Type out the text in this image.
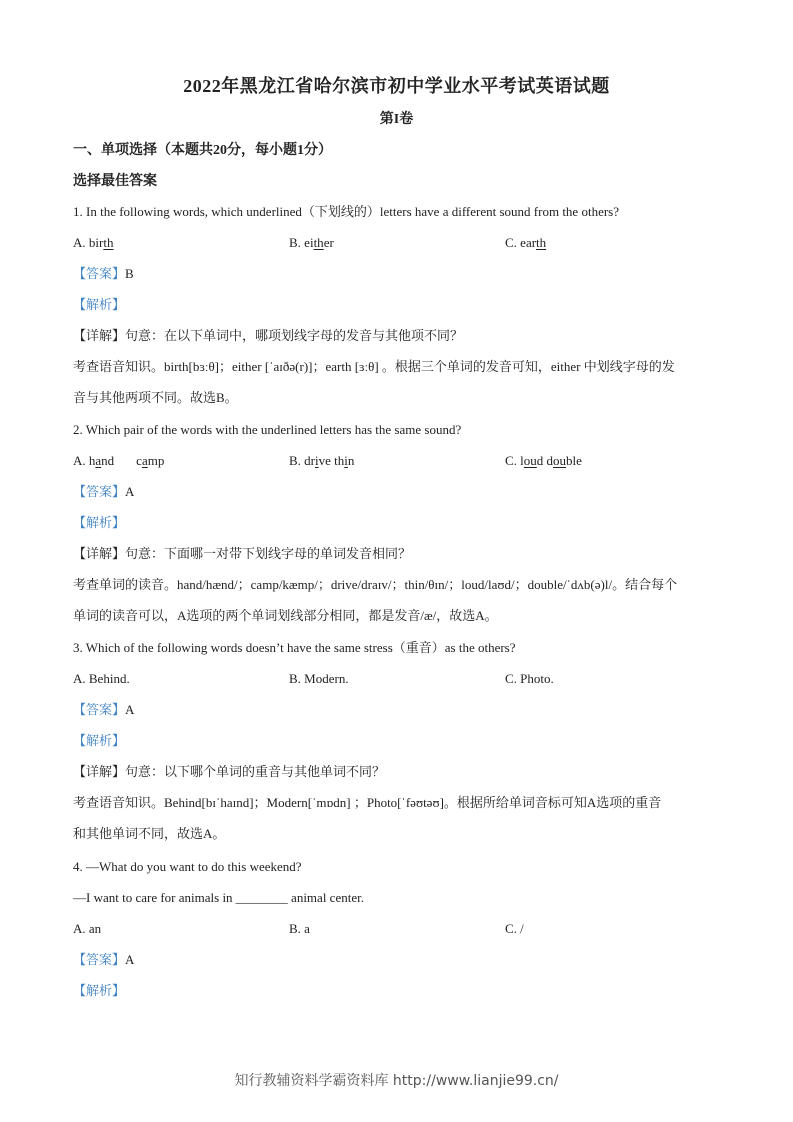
2022年黑龙江省哈尔滨市初中学业水平考试英语试题
第I卷
一、单项选择（本题共20分，每小题1分）
选择最佳答案
1. In the following words, which underlined（下划线的）letters have a different sound from the others?
A. birth	B. either	C. earth
【答案】B
【解析】
【详解】句意：在以下单词中，哪项划线字母的发音与其他项不同？
考查语音知识。birth[bɜːθ]；either [ˈaɪðə(r)]；earth [ɜːθ] 。根据三个单词的发音可知，either 中划线字母的发
音与其他两项不同。故选B。
2. Which pair of the words with the underlined letters has the same sound?
A. hand camp	B. drive thin	C. loud double
【答案】A
【解析】
【详解】句意：下面哪一对带下划线字母的单词发音相同？
考查单词的读音。hand/hænd/；camp/kæmp/；drive/draɪv/；thin/θɪn/；loud/laʊd/；double/ˈdʌb(ə)l/。结合每个
单词的读音可以，A选项的两个单词划线部分相同，都是发音/æ/，故选A。
3. Which of the following words doesn’t have the same stress（重音）as the others?
A. Behind.	B. Modern.	C. Photo.
【答案】A
【解析】
【详解】句意：以下哪个单词的重音与其他单词不同？
考查语音知识。Behind[bɪˈhaɪnd]；Modern[ˈmɒdn] ；Photo[ˈfəʊtəʊ]。根据所给单词音标可知A选项的重音
和其他单词不同，故选A。
4. —What do you want to do this weekend?
—I want to care for animals in ________ animal center.
A. an	B. a	C. /
【答案】A
【解析】
知行教辅资料学霸资料库 http://www.lianjie99.cn/
